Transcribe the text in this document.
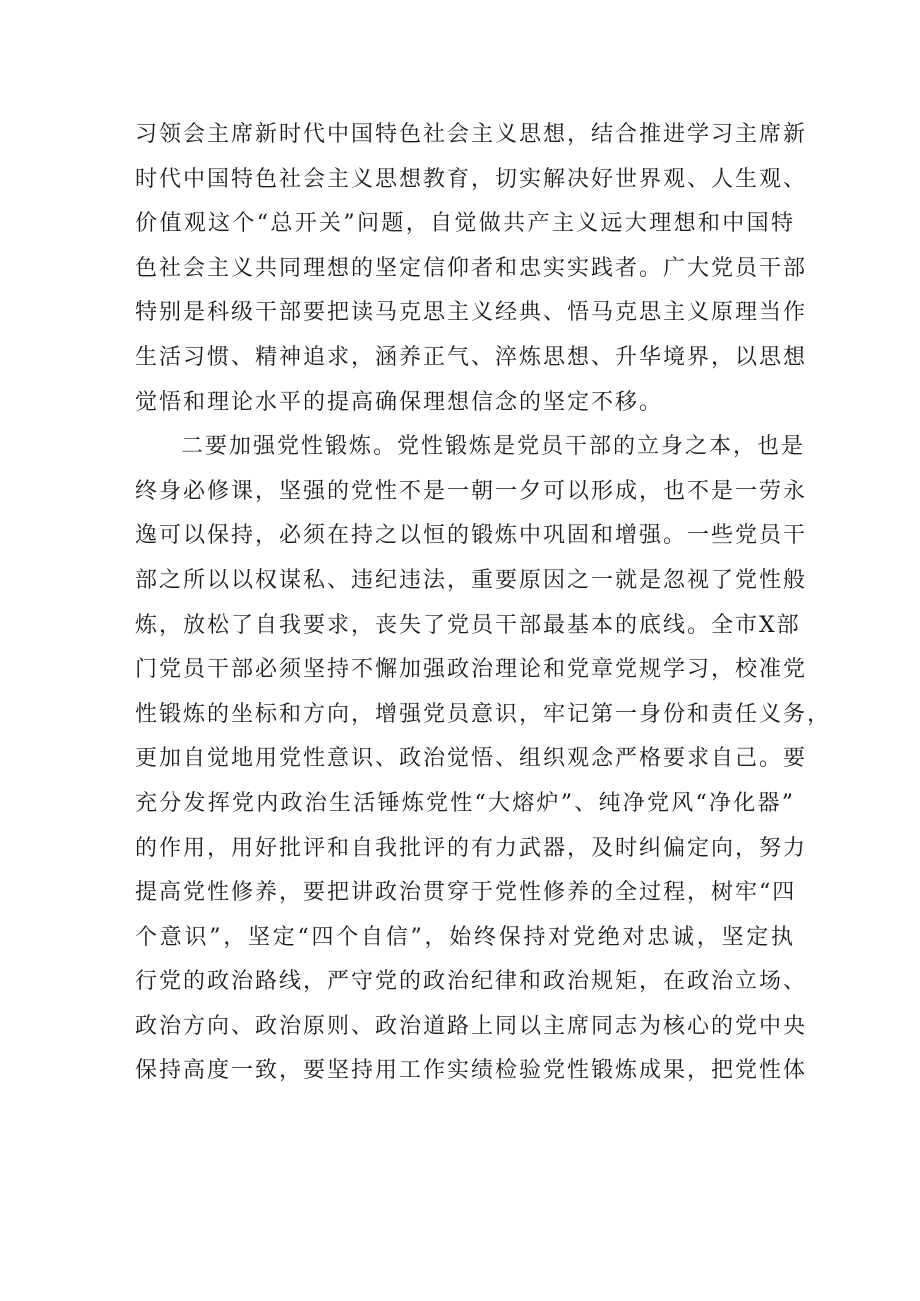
习领会主席新时代中国特色社会主义思想，结合推进学习主席新
时代中国特色社会主义思想教育，切实解决好世界观、人生观、
价值观这个“总开关”问题，自觉做共产主义远大理想和中国特
色社会主义共同理想的坚定信仰者和忠实实践者。广大党员干部
特别是科级干部要把读马克思主义经典、悟马克思主义原理当作
生活习惯、精神追求，涵养正气、淬炼思想、升华境界，以思想
觉悟和理论水平的提高确保理想信念的坚定不移。
二要加强党性锻炼。党性锻炼是党员干部的立身之本，也是
终身必修课，坚强的党性不是一朝一夕可以形成，也不是一劳永
逸可以保持，必须在持之以恒的锻炼中巩固和增强。一些党员干
部之所以以权谋私、违纪违法，重要原因之一就是忽视了党性般
炼，放松了自我要求，丧失了党员干部最基本的底线。全市X部
门党员干部必须坚持不懈加强政治理论和党章党规学习，校准党
性锻炼的坐标和方向，增强党员意识，牢记第一身份和责任义务，
更加自觉地用党性意识、政治觉悟、组织观念严格要求自己。要
充分发挥党内政治生活锤炼党性“大熔炉”、纯净党风“净化器”
的作用，用好批评和自我批评的有力武器，及时纠偏定向，努力
提高党性修养，要把讲政治贯穿于党性修养的全过程，树牢“四
个意识”，坚定“四个自信”，始终保持对党绝对忠诚，坚定执
行党的政治路线，严守党的政治纪律和政治规矩，在政治立场、
政治方向、政治原则、政治道路上同以主席同志为核心的党中央
保持高度一致，要坚持用工作实绩检验党性锻炼成果，把党性体
